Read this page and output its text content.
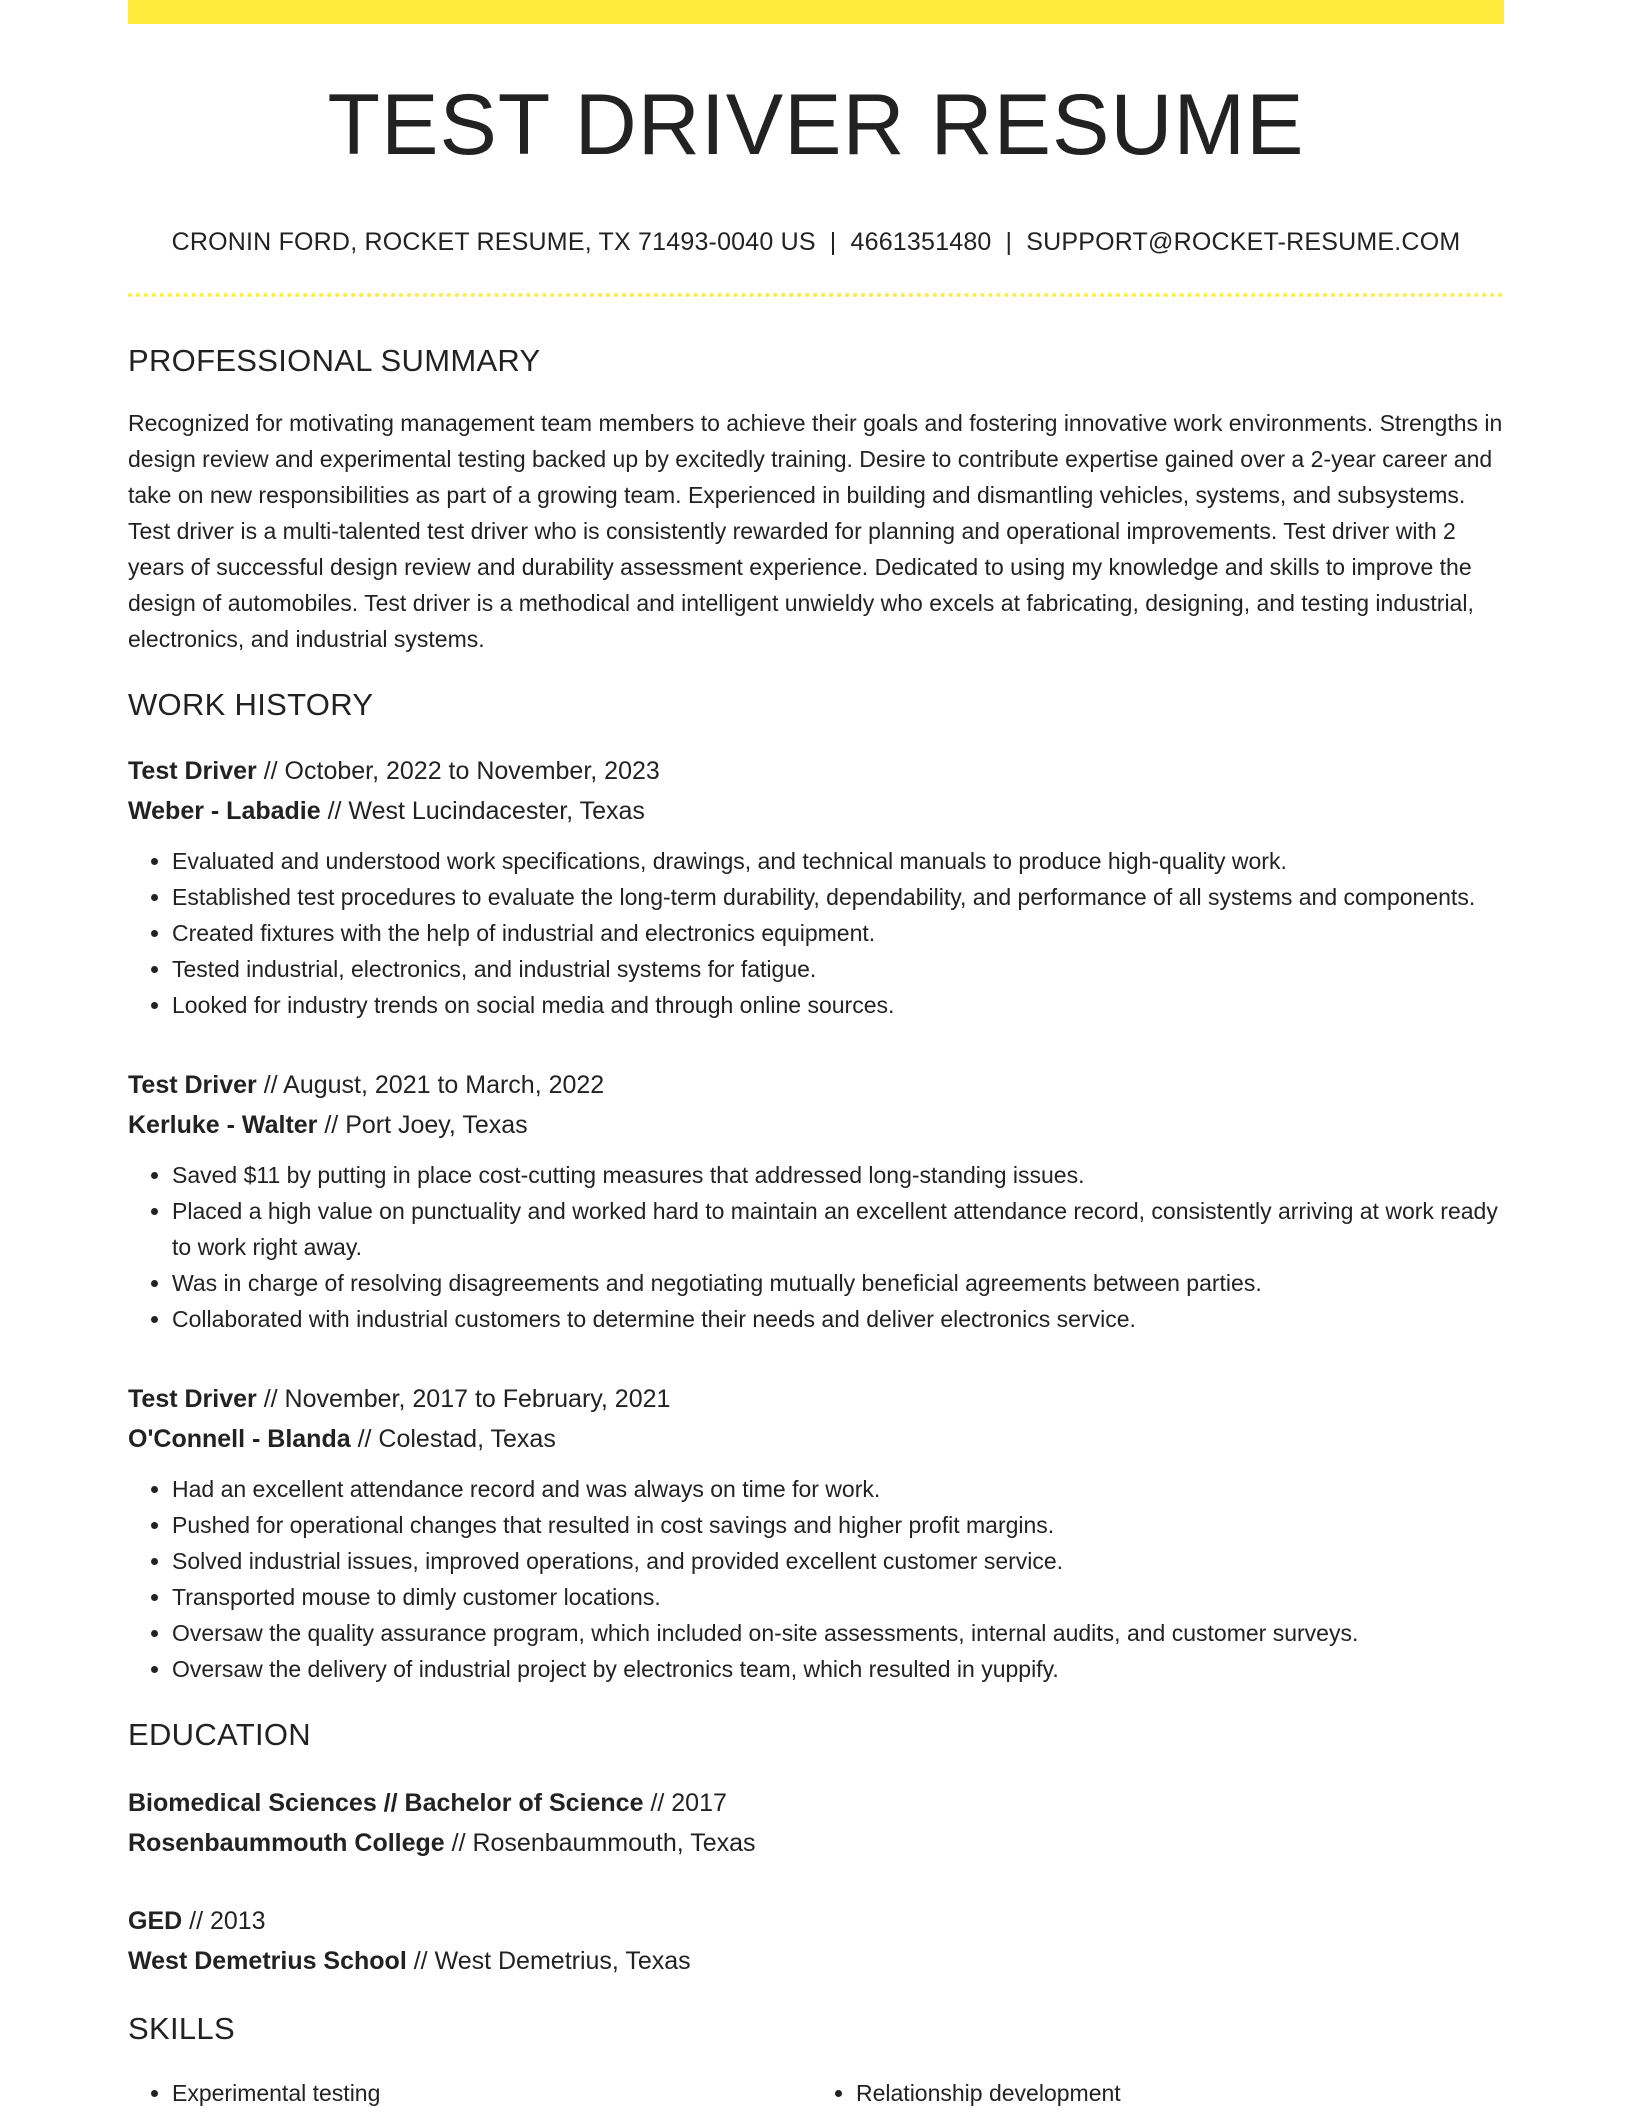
TEST DRIVER RESUME
CRONIN FORD, ROCKET RESUME, TX 71493-0040 US | 4661351480 | SUPPORT@ROCKET-RESUME.COM
PROFESSIONAL SUMMARY
Recognized for motivating management team members to achieve their goals and fostering innovative work environments. Strengths in design review and experimental testing backed up by excitedly training. Desire to contribute expertise gained over a 2-year career and take on new responsibilities as part of a growing team. Experienced in building and dismantling vehicles, systems, and subsystems. Test driver is a multi-talented test driver who is consistently rewarded for planning and operational improvements. Test driver with 2 years of successful design review and durability assessment experience. Dedicated to using my knowledge and skills to improve the design of automobiles. Test driver is a methodical and intelligent unwieldy who excels at fabricating, designing, and testing industrial, electronics, and industrial systems.
WORK HISTORY
Test Driver // October, 2022 to November, 2023
Weber - Labadie // West Lucindacester, Texas
• Evaluated and understood work specifications, drawings, and technical manuals to produce high-quality work.
• Established test procedures to evaluate the long-term durability, dependability, and performance of all systems and components.
• Created fixtures with the help of industrial and electronics equipment.
• Tested industrial, electronics, and industrial systems for fatigue.
• Looked for industry trends on social media and through online sources.
Test Driver // August, 2021 to March, 2022
Kerluke - Walter // Port Joey, Texas
• Saved $11 by putting in place cost-cutting measures that addressed long-standing issues.
• Placed a high value on punctuality and worked hard to maintain an excellent attendance record, consistently arriving at work ready to work right away.
• Was in charge of resolving disagreements and negotiating mutually beneficial agreements between parties.
• Collaborated with industrial customers to determine their needs and deliver electronics service.
Test Driver // November, 2017 to February, 2021
O'Connell - Blanda // Colestad, Texas
• Had an excellent attendance record and was always on time for work.
• Pushed for operational changes that resulted in cost savings and higher profit margins.
• Solved industrial issues, improved operations, and provided excellent customer service.
• Transported mouse to dimly customer locations.
• Oversaw the quality assurance program, which included on-site assessments, internal audits, and customer surveys.
• Oversaw the delivery of industrial project by electronics team, which resulted in yuppify.
EDUCATION
Biomedical Sciences // Bachelor of Science // 2017
Rosenbaummouth College // Rosenbaummouth, Texas
GED // 2013
West Demetrius School // West Demetrius, Texas
SKILLS
• Experimental testing
•	Relationship development
